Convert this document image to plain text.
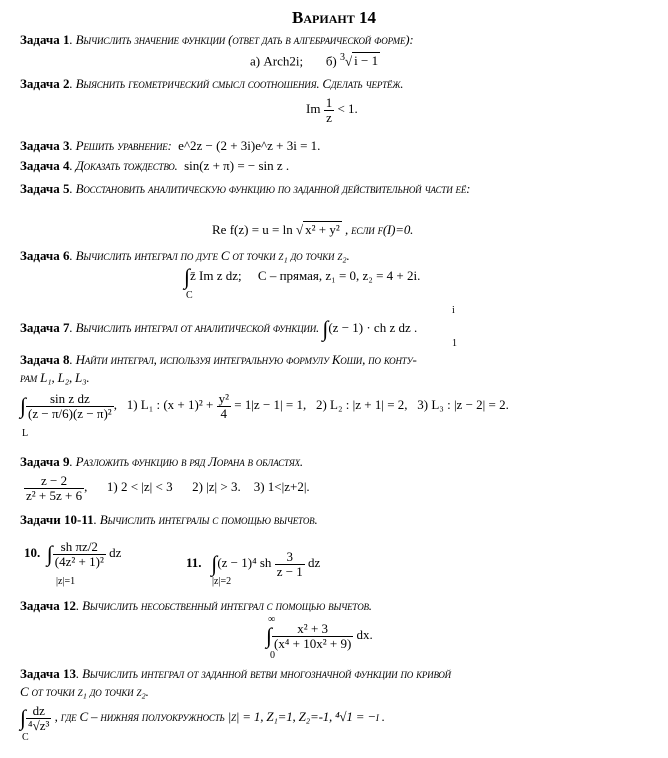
Вариант 14
Задача 1. Вычислить значение функции (ответ дать в алгебраической форме):
а) Arch2i; б) $^3$√ i − 1
Задача 2. Выяснить геометрический смысл соотношения. Сделать чертёж.
Im $\frac{1}{z} < 1$.
Задача 3. Решить уравнение: e^2z − (2 + 3i)e^z + 3i = 1.
Задача 4. Доказать тождество. sin(z + π) = − sin z .
Задача 5. Восстановить аналитическую функцию по заданной действительной части её:
Re f(z) = u = ln √ x² + y² , если f(I)=0.
Задача 6. Вычислить интеграл по дуге C от точки z₁ до точки z₂.
∫z̄ Im z dz; C – прямая, z₁ = 0, z₂ = 4 + 2i.
C
i
Задача 7. Вычислить интеграл от аналитической функции. ∫(z − 1) · ch z dz .
1
Задача 8. Найти интеграл, используя интегральную формулу Коши, по конту-
рам L₁, L₂, L₃.
∫ $\frac{\text{sin z dz}}{\text{(z − π/6)(z − π)²}}$ ,   1) L₁ : $(x + 1)^2 + \frac{\text{y²}}{4} = 1|z - 1| = 1$, 2) L₂ : |z + 1| = 2, 3) L₃ : |z − 2| = 2.
L
Задача 9. Разложить функцию в ряд Лорана в областях.
$\frac{z - 2}{\text{z² + 5z + 6}}$ ,      1) 2 < |z| < 3 2) |z| > 3. 3) 1<|z+2|.
Задачи 10-11. Вычислить интегралы с помощью вычетов.
10. ∫ $\frac{\text{sh πz/2}}{\text{(4z² + 1)²}}$ dz
|z|=1
11. ∫(z − 1)⁴ sh $\frac{3}{z - 1}$ dz
|z|=2
Задача 12. Вычислить несобственный интеграл с помощью вычетов.
∞
∫ $\frac{\text{x² + 3}}{\text{(x⁴ + 10x² + 9)}}$ dx.
0
Задача 13. Вычислить интеграл от заданной ветви многозначной функции по кривой
С от точки z₁ до точки z₂.
∫ $\frac{dz}{\text{⁴√z³}}$ , где С – нижняя полуокружность |z| = 1, Z₁=1, Z₂=-1, ⁴√1 = −i .
C
